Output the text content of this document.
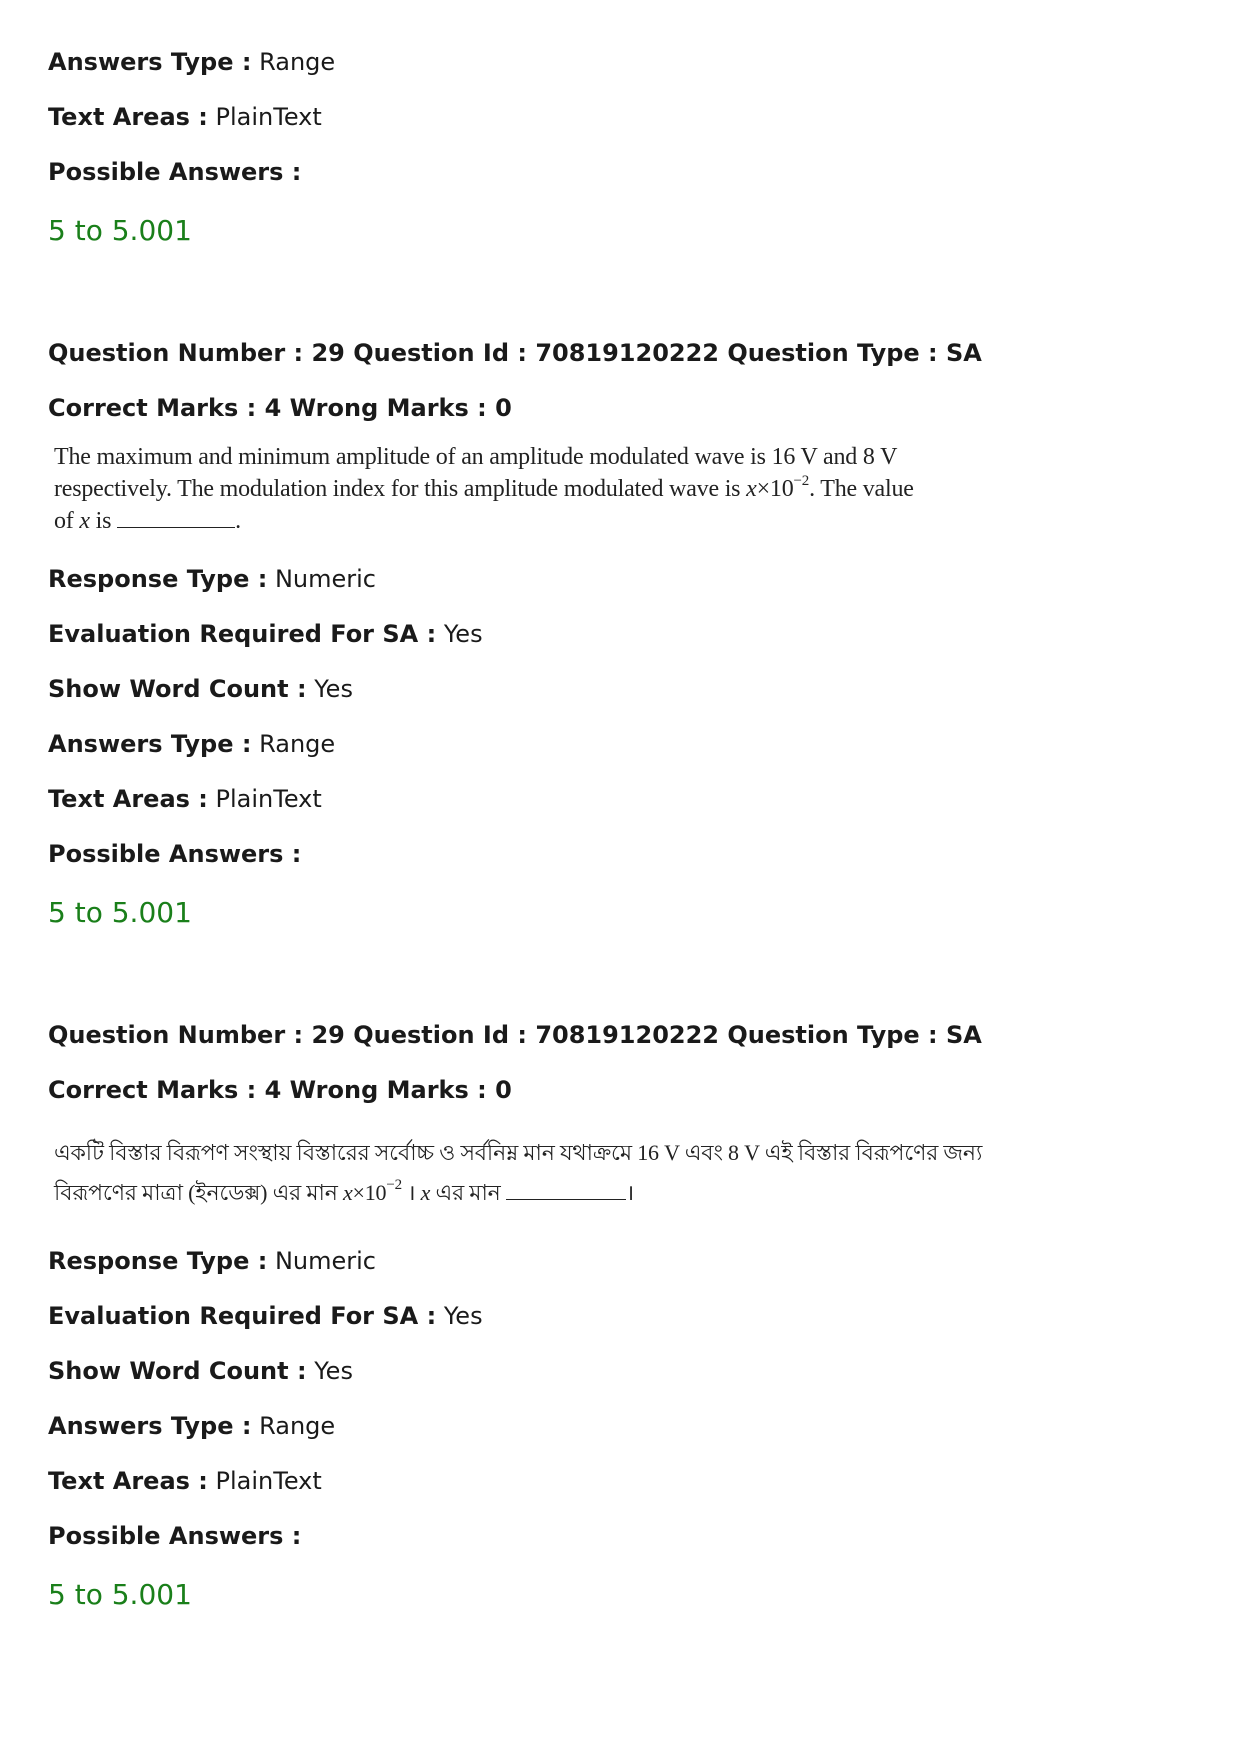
Answers Type : Range
Text Areas : PlainText
Possible Answers :
5 to 5.001
Question Number : 29 Question Id : 70819120222 Question Type : SA
Correct Marks : 4 Wrong Marks : 0
The maximum and minimum amplitude of an amplitude modulated wave is 16 V and 8 V
respectively. The modulation index for this amplitude modulated wave is $x\times 10^{-2}$. The value
of x is	.
Response Type : Numeric
Evaluation Required For SA : Yes
Show Word Count : Yes
Answers Type : Range
Text Areas : PlainText
Possible Answers :
5 to 5.001
Question Number : 29 Question Id : 70819120222 Question Type : SA
Correct Marks : 4 Wrong Marks : 0
একটি বিস্তার বিরূপণ সংস্থায় বিস্তারের সর্বোচ্চ ও সর্বনিম্ন মান যথাক্রমে 16 V এবং 8 V এই বিস্তার বিরূপণের জন্য
বিরূপণের মাত্রা (ইনডেক্স) এর মান $x\times 10^{-2}$ । x এর মান	।
Response Type : Numeric
Evaluation Required For SA : Yes
Show Word Count : Yes
Answers Type : Range
Text Areas : PlainText
Possible Answers :
5 to 5.001
